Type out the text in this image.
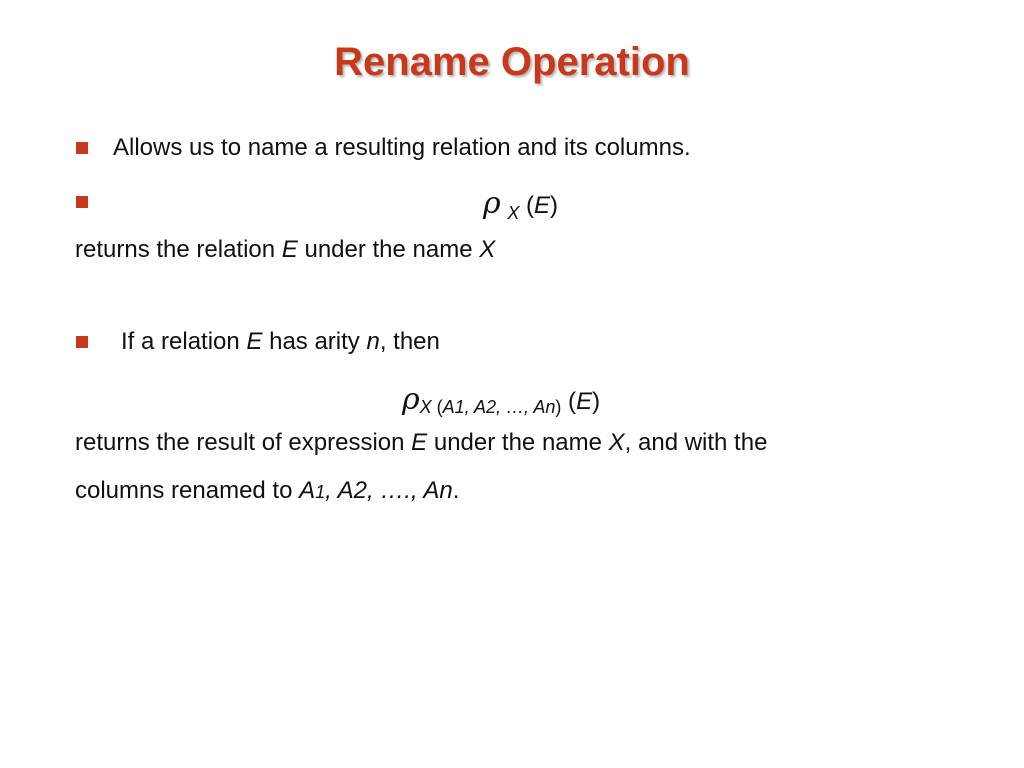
Rename Operation
Allows us to name a resulting relation and its columns.
ρ $_X$ (E)
returns the relation E under the name X
If a relation E has arity n, then
ρX (A1, A2, …, An) (E)
returns the result of expression E under the name X, and with the
columns renamed to A1, A2, …., An.
